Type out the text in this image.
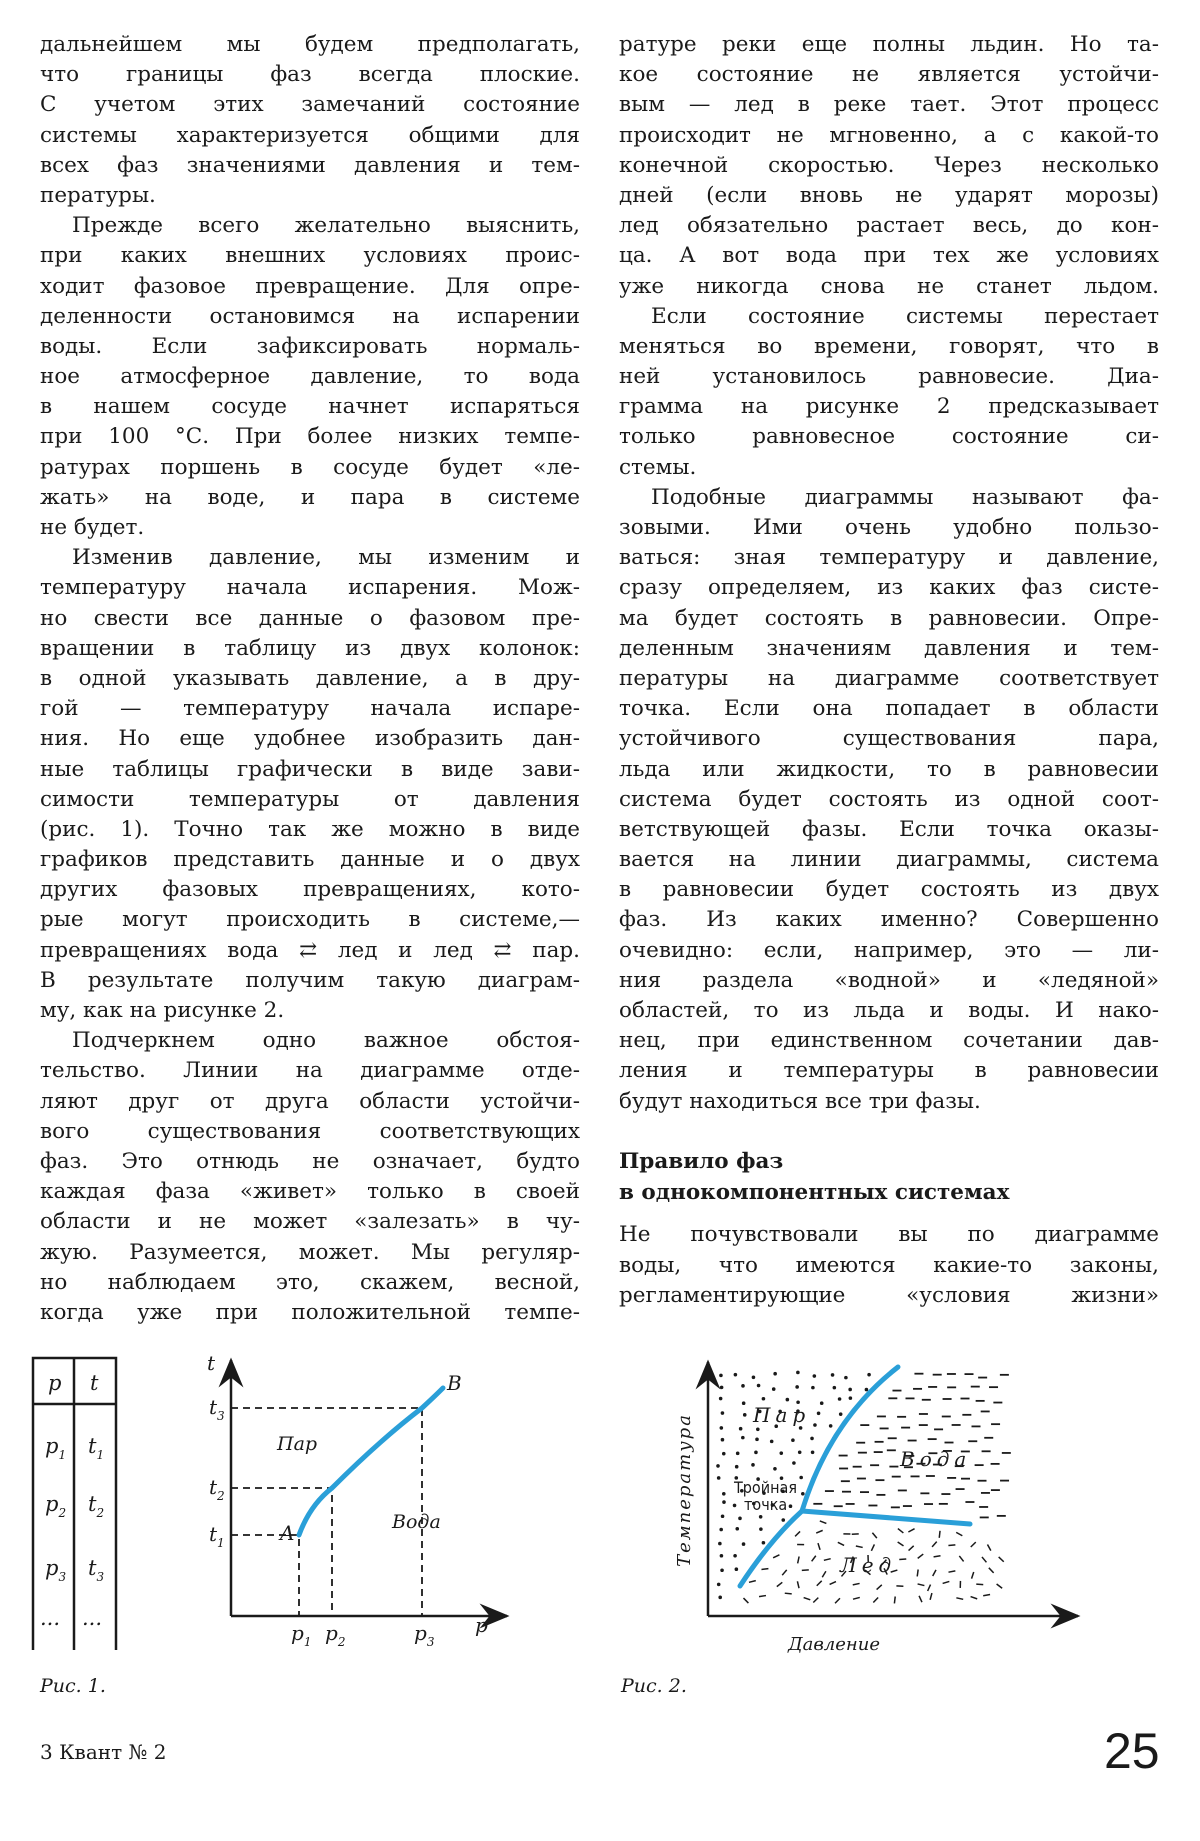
дальнейшем мы будем предполагать,
что границы фаз всегда плоские.
С учетом этих замечаний состояние
системы характеризуется общими для
всех фаз значениями давления и тем-
пературы.
Прежде всего желательно выяснить,
при каких внешних условиях проис-
ходит фазовое превращение. Для опре-
деленности остановимся на испарении
воды. Если зафиксировать нормаль-
ное атмосферное давление, то вода
в нашем сосуде начнет испаряться
при 100 °С. При более низких темпе-
ратурах поршень в сосуде будет «ле-
жать» на воде, и пара в системе
не будет.
Изменив давление, мы изменим и
температуру начала испарения. Мож-
но свести все данные о фазовом пре-
вращении в таблицу из двух колонок:
в одной указывать давление, а в дру-
гой — температуру начала испаре-
ния. Но еще удобнее изобразить дан-
ные таблицы графически в виде зави-
симости температуры от давления
(рис. 1). Точно так же можно в виде
графиков представить данные и о двух
других фазовых превращениях, кото-
рые могут происходить в системе,—
превращениях вода ⇄ лед и лед ⇄ пар.
В результате получим такую диаграм-
му, как на рисунке 2.
Подчеркнем одно важное обстоя-
тельство. Линии на диаграмме отде-
ляют друг от друга области устойчи-
вого существования соответствующих
фаз. Это отнюдь не означает, будто
каждая фаза «живет» только в своей
области и не может «залезать» в чу-
жую. Разумеется, может. Мы регуляр-
но наблюдаем это, скажем, весной,
когда уже при положительной темпе-
ратуре реки еще полны льдин. Но та-
кое состояние не является устойчи-
вым — лед в реке тает. Этот процесс
происходит не мгновенно, а с какой-то
конечной скоростью. Через несколько
дней (если вновь не ударят морозы)
лед обязательно растает весь, до кон-
ца. А вот вода при тех же условиях
уже никогда снова не станет льдом.
Если состояние системы перестает
меняться во времени, говорят, что в
ней установилось равновесие. Диа-
грамма на рисунке 2 предсказывает
только равновесное состояние си-
стемы.
Подобные диаграммы называют фа-
зовыми. Ими очень удобно пользо-
ваться: зная температуру и давление,
сразу определяем, из каких фаз систе-
ма будет состоять в равновесии. Опре-
деленным значениям давления и тем-
пературы на диаграмме соответствует
точка. Если она попадает в области
устойчивого существования пара,
льда или жидкости, то в равновесии
система будет состоять из одной соот-
ветствующей фазы. Если точка оказы-
вается на линии диаграммы, система
в равновесии будет состоять из двух
фаз. Из каких именно? Совершенно
очевидно: если, например, это — ли-
ния раздела «водной» и «ледяной»
областей, то из льда и воды. И нако-
нец, при единственном сочетании дав-
ления и температуры в равновесии
будут находиться все три фазы.
Правило фаз
в однокомпонентных системах
Не почувствовали вы по диаграмме
воды, что имеются какие-то законы,
регламентирующие «условия жизни»
p t
$p_1$ $t_1$
$p_2$ $t_2$
$p_3$ $t_3$
... ...
t
p
Пар
Вода
A
B
$t_3$
$t_2$
$t_1$
$p_1$ $p_2$	$p_3$
Пар
Вода
Лед
Давление
Температура Тройная
точка
Рис. 1.	Рис. 2.
3 Квант № 2	25
